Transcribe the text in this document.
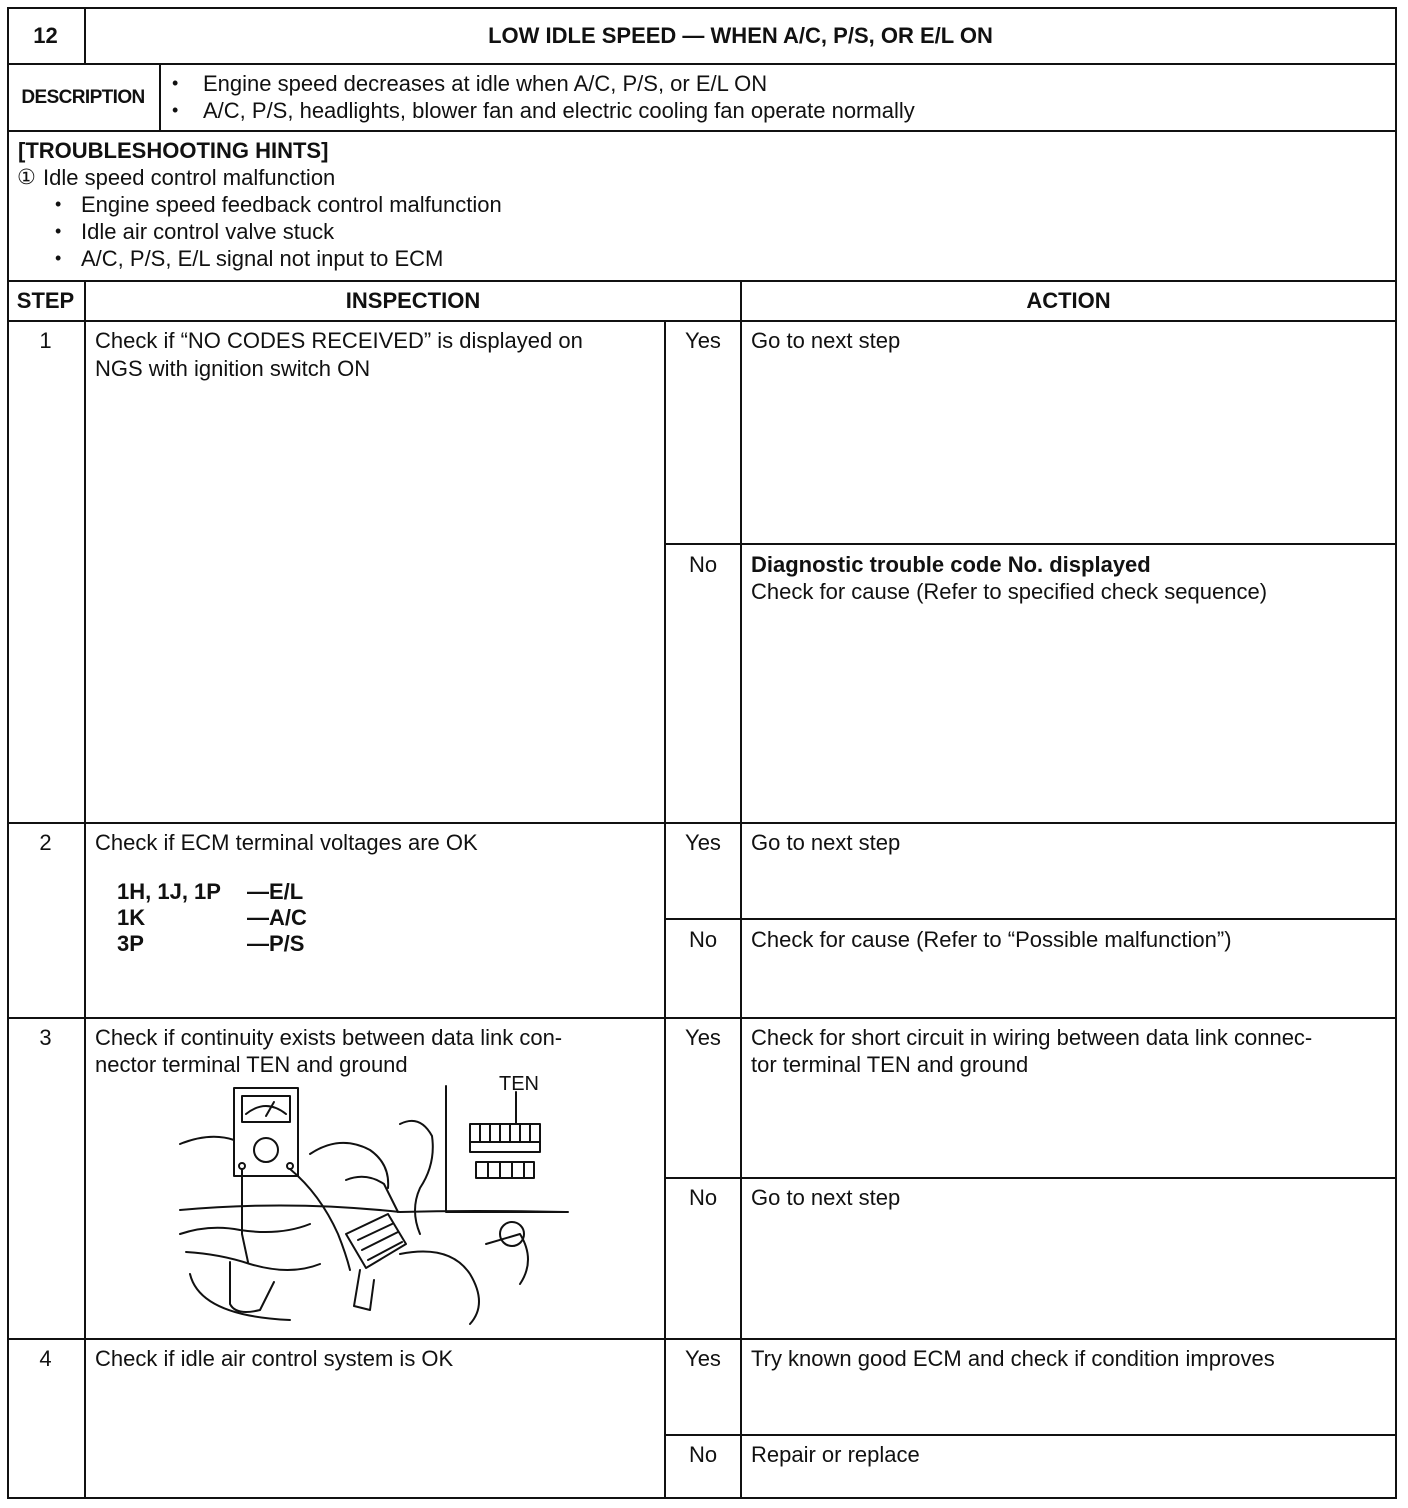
12	LOW IDLE SPEED — WHEN A/C, P/S, OR E/L ON
DESCRIPTION
• Engine speed decreases at idle when A/C, P/S, or E/L ON
• A/C, P/S, headlights, blower fan and electric cooling fan operate normally
[TROUBLESHOOTING HINTS]
① Idle speed control malfunction
• Engine speed feedback control malfunction
• Idle air control valve stuck
• A/C, P/S, E/L signal not input to ECM
STEP	INSPECTION	ACTION
1	Check if “NO CODES RECEIVED” is displayed on
NGS with ignition switch ON
Yes	Go to next step
No	Diagnostic trouble code No. displayed
Check for cause (Refer to specified check sequence)
2	Check if ECM terminal voltages are OK
1H, 1J, 1P —E/L
1K	—A/C
3P	—P/S
Yes	Go to next step
No	Check for cause (Refer to “Possible malfunction”)
3	Check if continuity exists between data link con-
nector terminal TEN and ground
TEN
Yes	Check for short circuit in wiring between data link connec-
tor terminal TEN and ground
No	Go to next step
4	Check if idle air control system is OK	Yes	Try known good ECM and check if condition improves
No	Repair or replace
